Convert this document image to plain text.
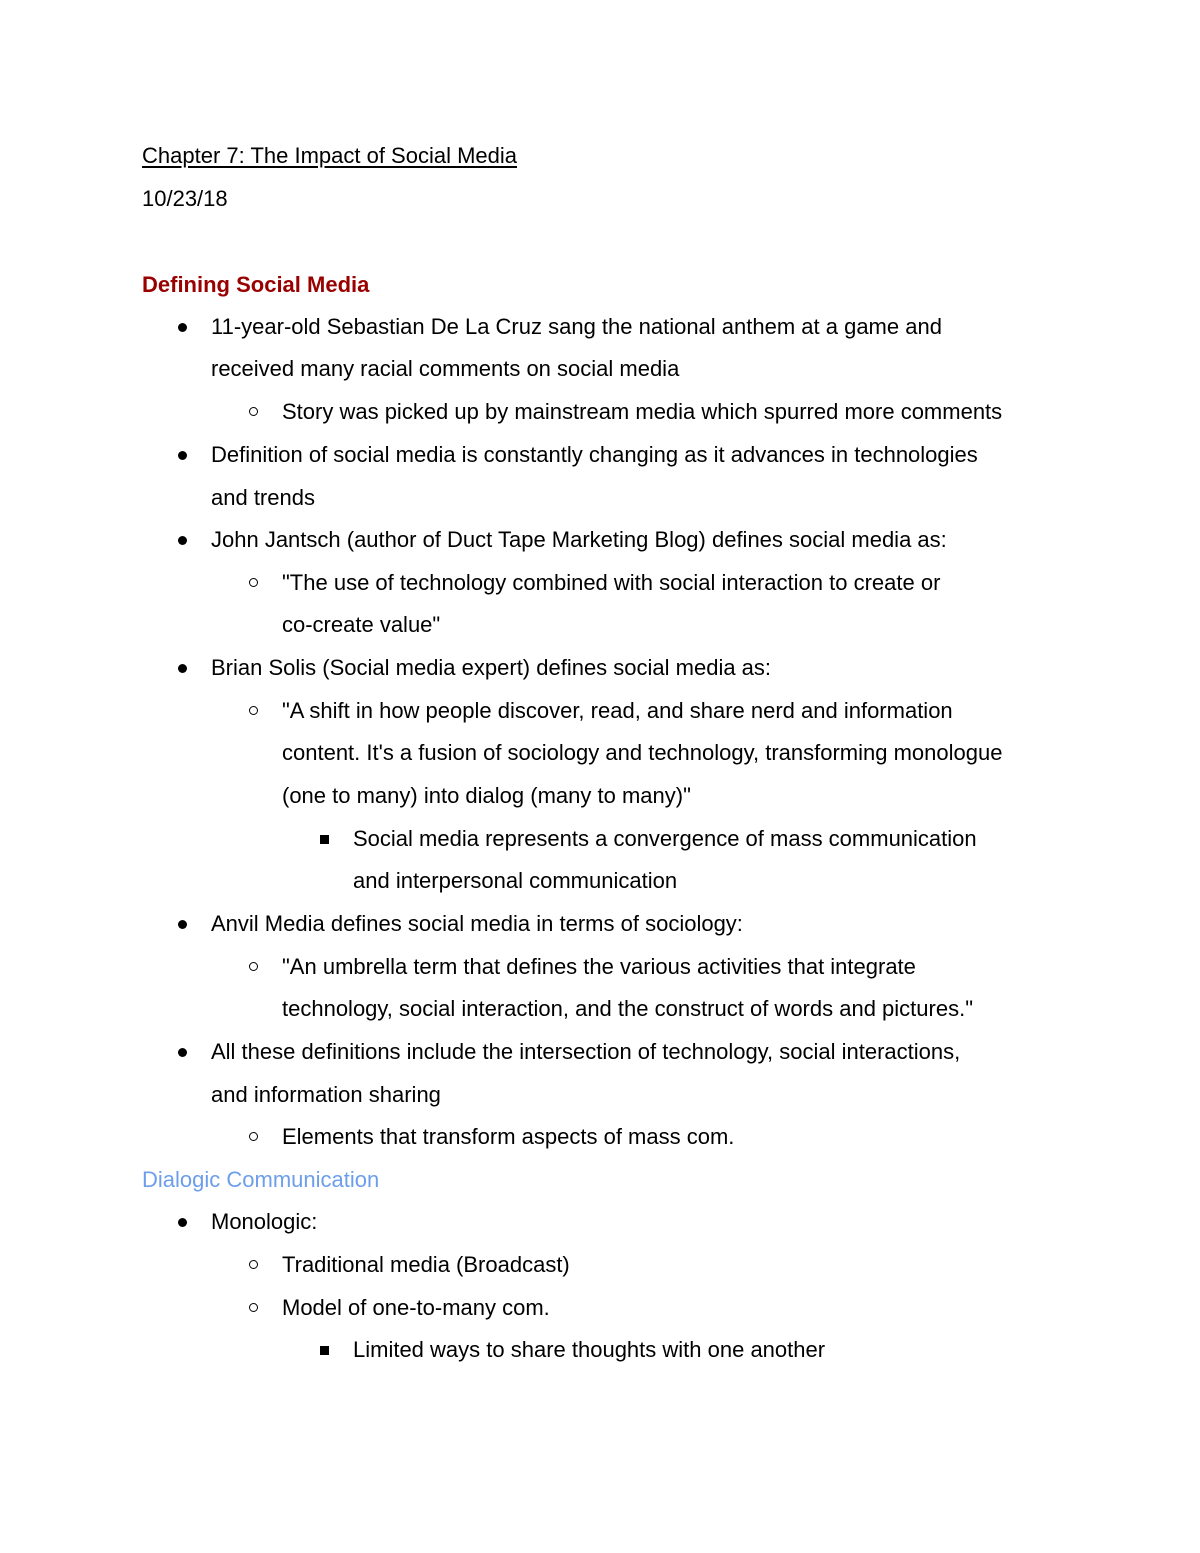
Chapter 7: The Impact of Social Media
10/23/18
Defining Social Media
11-year-old Sebastian De La Cruz sang the national anthem at a game and
received many racial comments on social media
Story was picked up by mainstream media which spurred more comments
Definition of social media is constantly changing as it advances in technologies
and trends
John Jantsch (author of Duct Tape Marketing Blog) defines social media as:
"The use of technology combined with social interaction to create or
co-create value"
Brian Solis (Social media expert) defines social media as:
"A shift in how people discover, read, and share nerd and information
content. It's a fusion of sociology and technology, transforming monologue
(one to many) into dialog (many to many)"
Social media represents a convergence of mass communication
and interpersonal communication
Anvil Media defines social media in terms of sociology:
"An umbrella term that defines the various activities that integrate
technology, social interaction, and the construct of words and pictures."
All these definitions include the intersection of technology, social interactions,
and information sharing
Elements that transform aspects of mass com.
Dialogic Communication
Monologic:
Traditional media (Broadcast)
Model of one-to-many com.
Limited ways to share thoughts with one another
